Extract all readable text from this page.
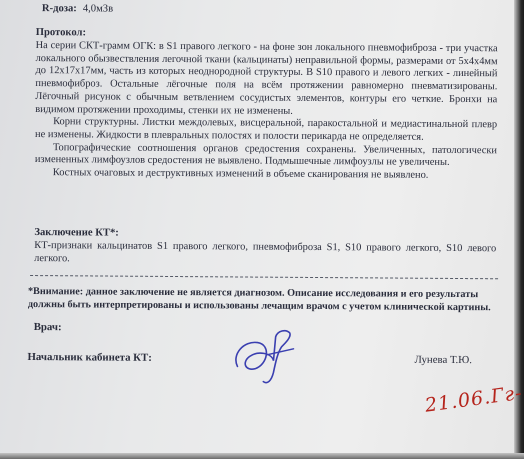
R-доза: 4,0мЗв
Протокол:

На серии СКТ-грамм ОГК: в S1 правого легкого - на фоне зон локального пневмофиброза - три участка локального обызвествления легочной ткани (кальцинаты) неправильной формы, размерами от 5х4х4мм до 12х17х17мм, часть из которых неоднородной структуры. В S10 правого и левого легких - линейный пневмофиброз. Остальные лёгочные поля на всём протяжении равномерно пневматизированы. Лёгочный рисунок с обычным ветвлением сосудистых элементов, контуры его четкие. Бронхи на видимом протяжении проходимы, стенки их не изменены.

Корни структурны. Листки междолевых, висцеральной, паракостальной и медиастинальной плевр не изменены. Жидкости в плевральных полостях и полости перикарда не определяется.

Топографические соотношения органов средостения сохранены. Увеличенных, патологически измененных лимфоузлов средостения не выявлено. Подмышечные лимфоузлы не увеличены.

Костных очаговых и деструктивных изменений в объеме сканирования не выявлено.

Заключение КТ*:
КТ-признаки кальцинатов S1 правого легкого, пневмофиброза S1, S10 правого легкого, S10 левого легкого.
*Внимание: данное заключение не является диагнозом. Описание исследования и его результаты должны быть интерпретированы и использованы лечащим врачом с учетом клинической картины.
Врач:
Начальник кабинета КТ:	Лунева Т.Ю.
21.06.Гг-
